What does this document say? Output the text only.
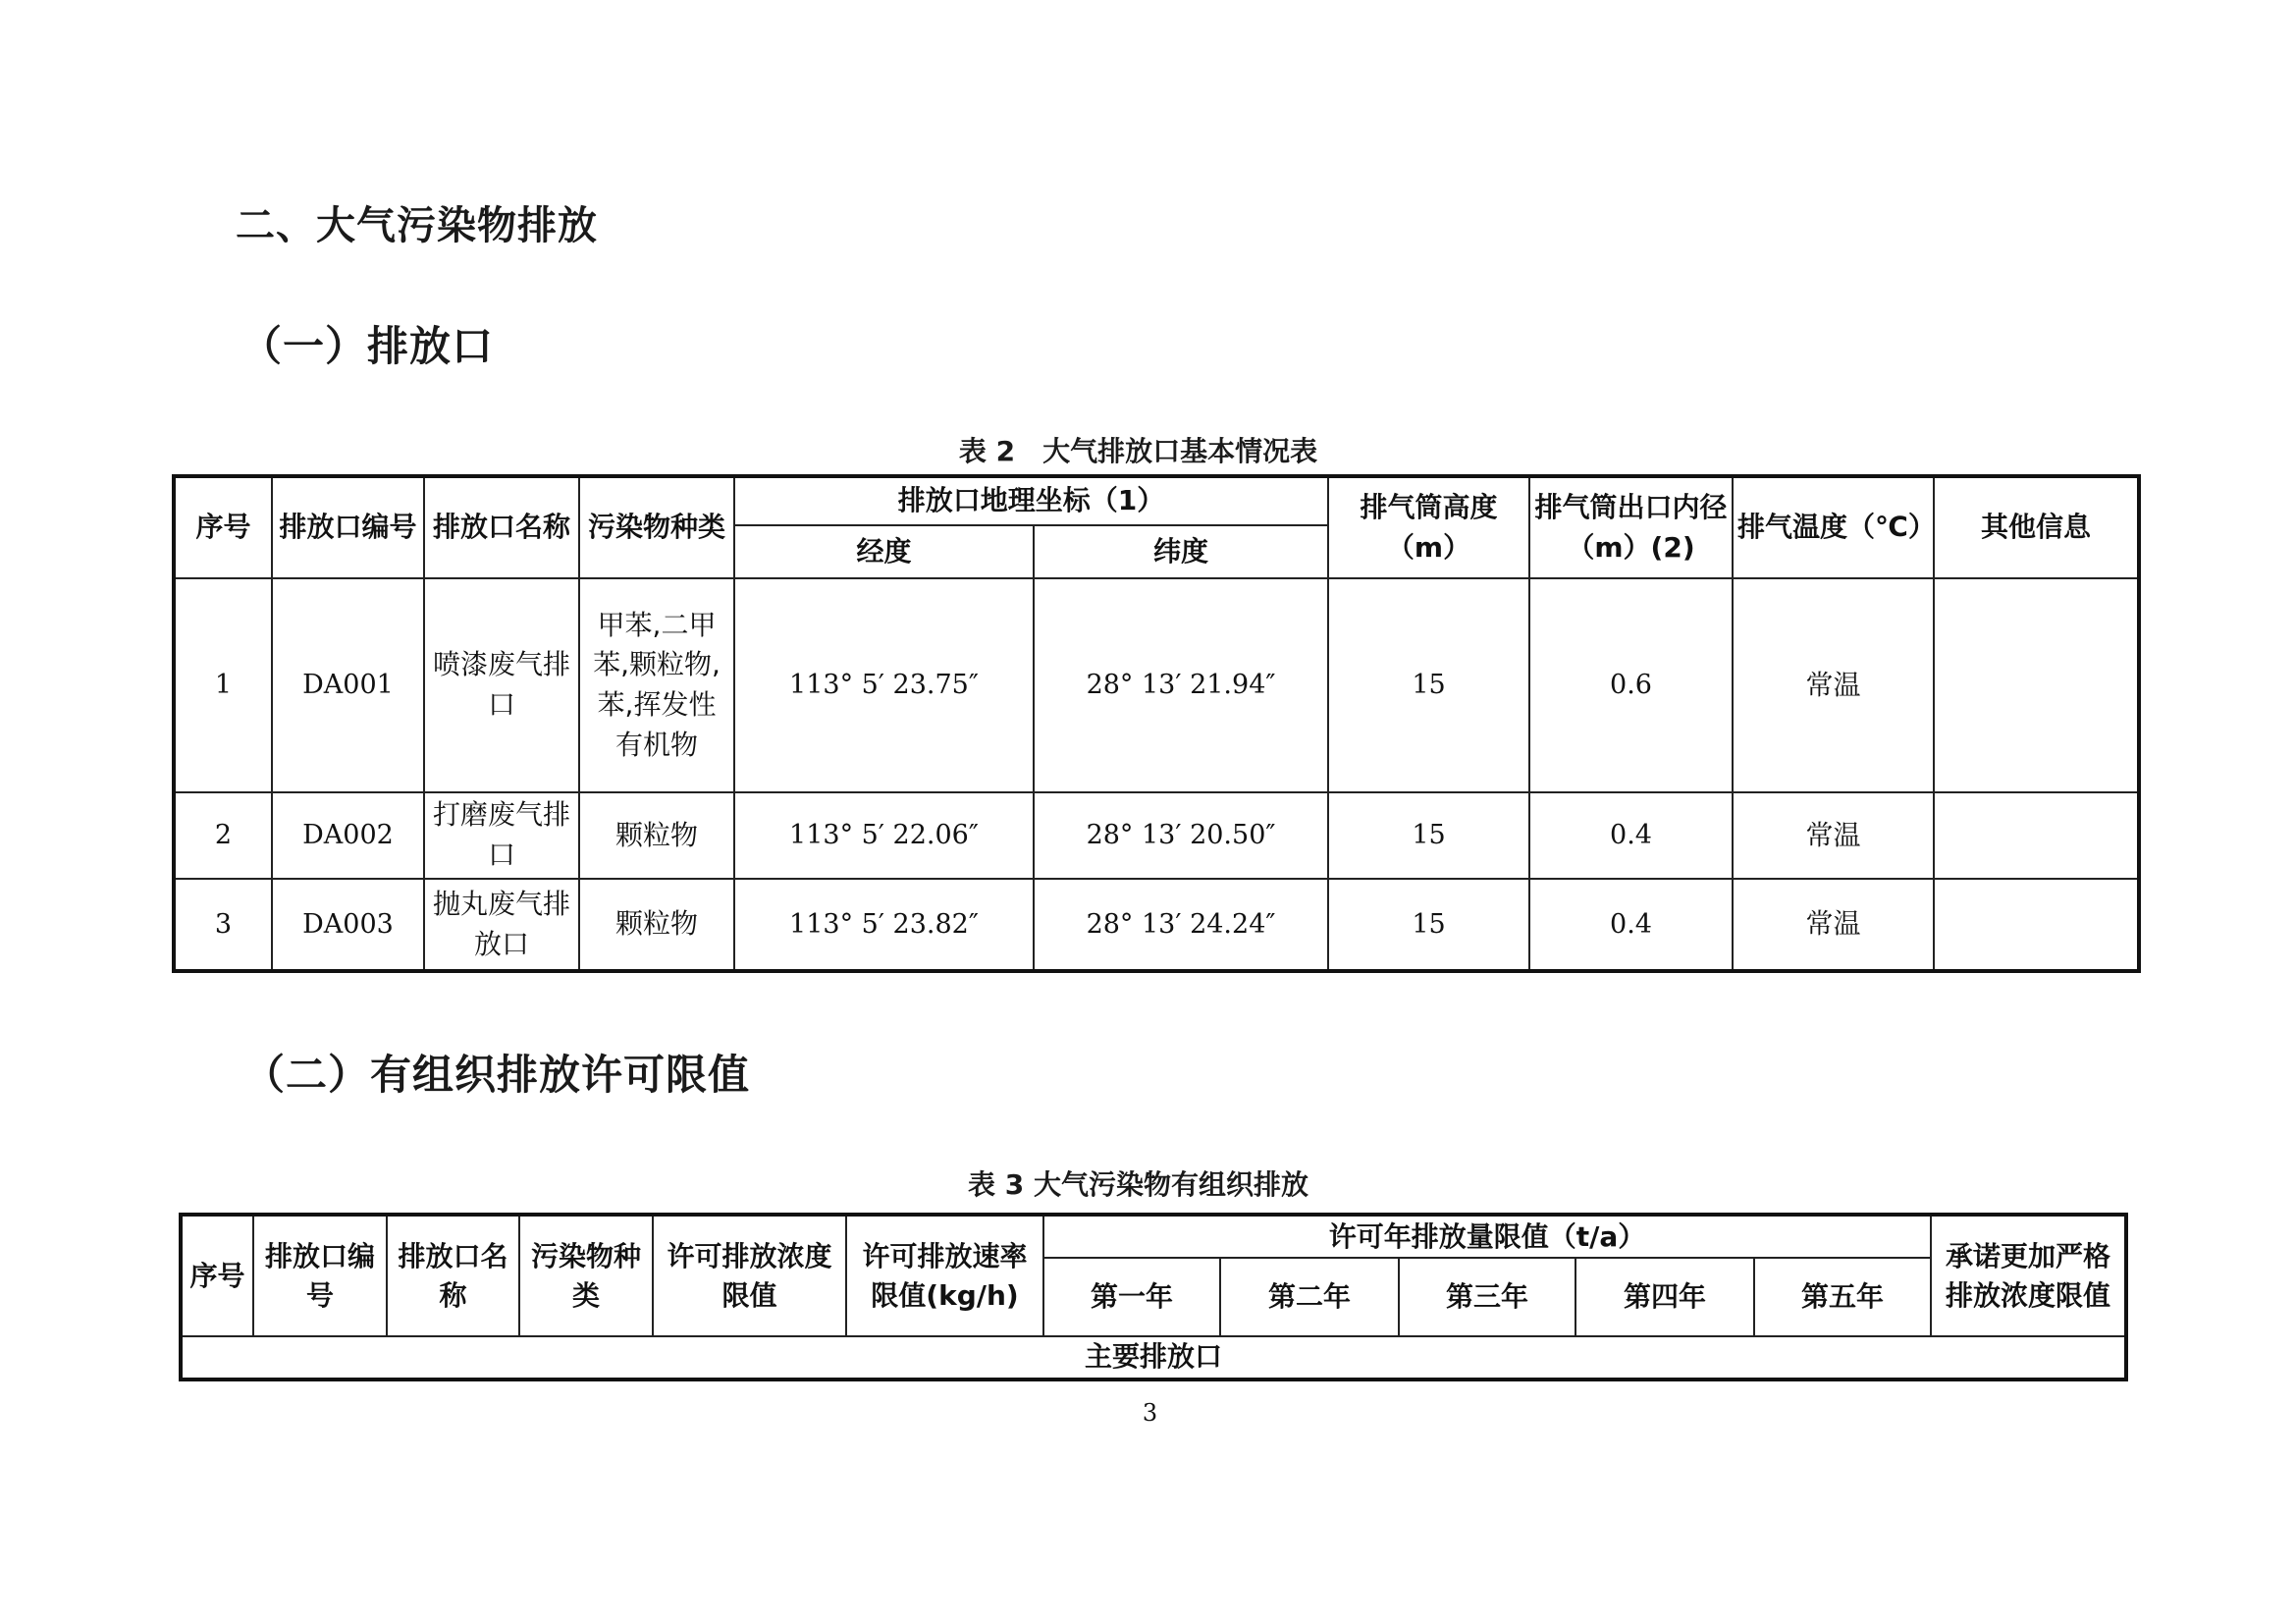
二、大气污染物排放
（一）排放口

表 2　大气排放口基本情况表

序号	排放口编号	排放口名称	污染物种类	排放口地理坐标（1）		排气筒高度（m）	排气筒出口内径（m）(2)	排气温度（℃）	其他信息
				经度	纬度				
1	DA001	喷漆废气排口	甲苯,二甲苯,颗粒物,苯,挥发性有机物	113° 5′ 23.75″	28° 13′ 21.94″	15	0.6	常温	
2	DA002	打磨废气排口	颗粒物	113° 5′ 22.06″	28° 13′ 20.50″	15	0.4	常温	
3	DA003	抛丸废气排放口	颗粒物	113° 5′ 23.82″	28° 13′ 24.24″	15	0.4	常温	
（二）有组织排放许可限值

表 3 大气污染物有组织排放

序号	排放口编号	排放口名称	污染物种类	许可排放浓度限值	许可排放速率限值(kg/h)	许可年排放量限值（t/a）					承诺更加严格排放浓度限值
						第一年	第二年	第三年	第四年	第五年	
主要排放口											
3
